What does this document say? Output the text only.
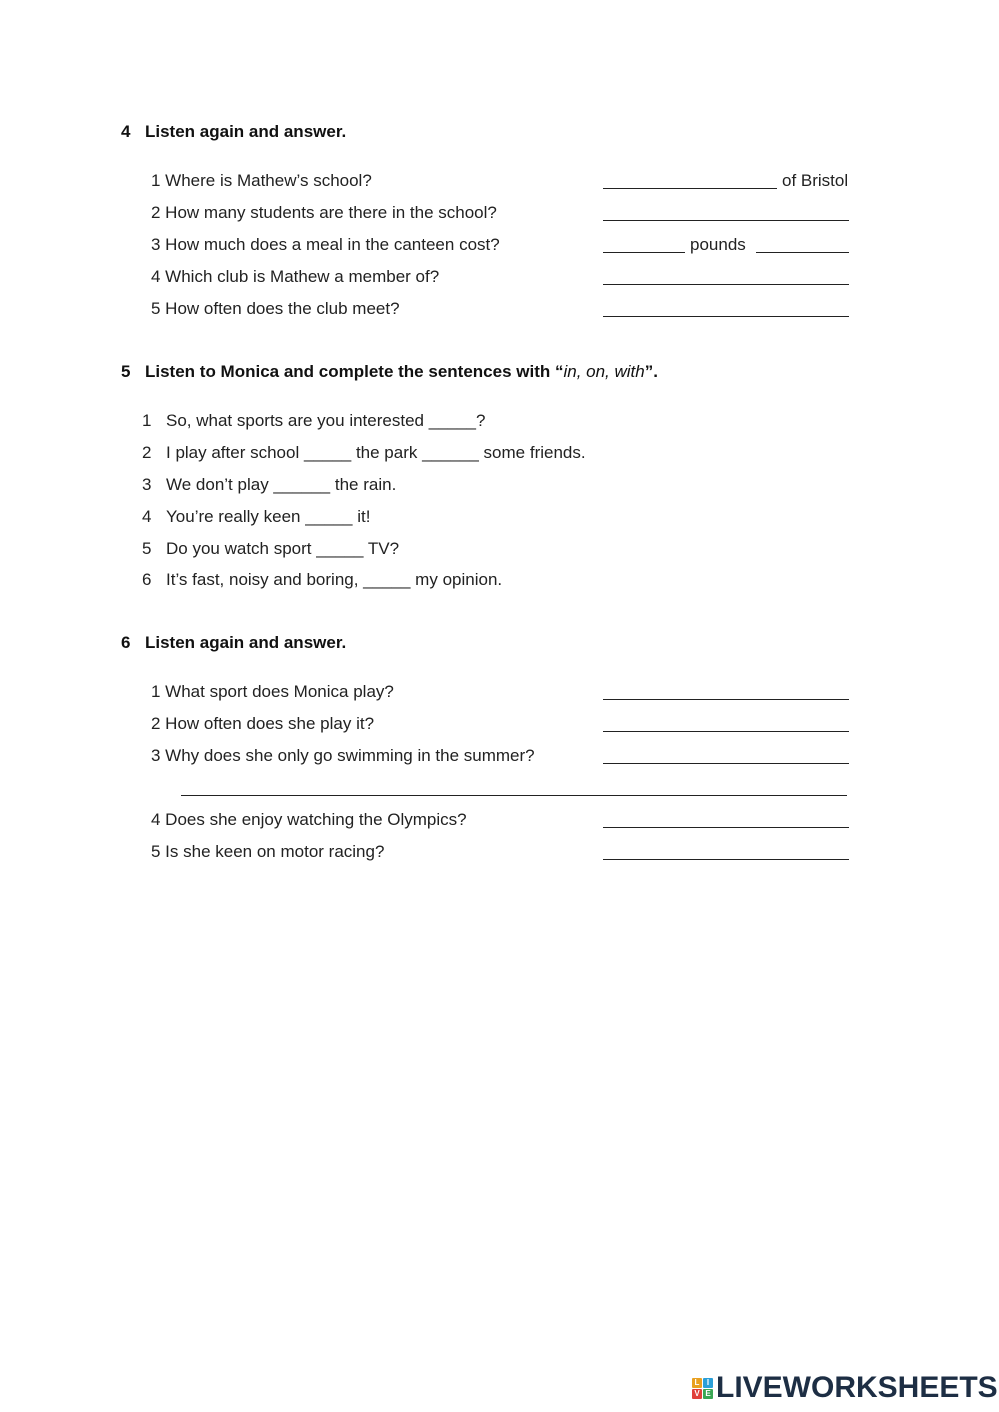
4 Listen again and answer.
1 Where is Mathew’s school?	of Bristol
2 How many students are there in the school?
3 How much does a meal in the canteen cost?	pounds
4 Which club is Mathew a member of?
5 How often does the club meet?
5 Listen to Monica and complete the sentences with “in, on, with”.
1 So, what sports are you interested _____?
2 I play after school _____ the park ______ some friends.
3 We don’t play ______ the rain.
4 You’re really keen _____ it!
5 Do you watch sport _____ TV?
6 It’s fast, noisy and boring, _____ my opinion.
6 Listen again and answer.
1 What sport does Monica play?
2 How often does she play it?
3 Why does she only go swimming in the summer?
4 Does she enjoy watching the Olympics?
5 Is she keen on motor racing?
L I
V E LIVEWORKSHEETS
